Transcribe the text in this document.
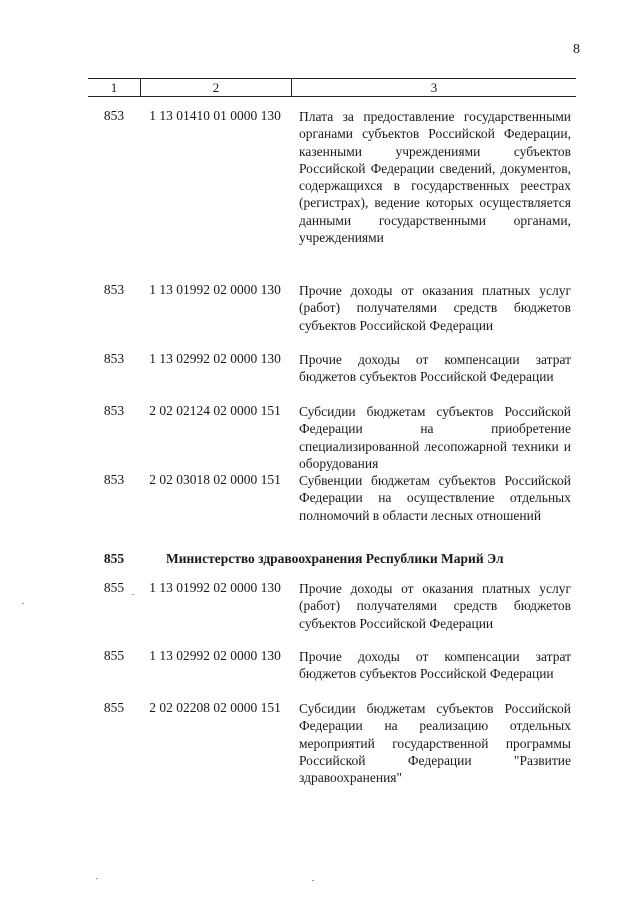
8
1	2	3
853	1 13 01410 01 0000 130	Плата за предоставление государственными органами субъектов Российской Федерации, казенными учреждениями субъектов Российской Федерации сведений, документов, содержащихся в государственных реестрах (регистрах), ведение которых осуществляется данными государственными органами, учреждениями
853	1 13 01992 02 0000 130	Прочие доходы от оказания платных услуг (работ) получателями средств бюджетов субъектов Российской Федерации
853	1 13 02992 02 0000 130	Прочие доходы от компенсации затрат бюджетов субъектов Российской Федерации
853	2 02 02124 02 0000 151	Субсидии бюджетам субъектов Российской Федерации на приобретение специализированной лесопожарной техники и оборудования
853	2 02 03018 02 0000 151	Субвенции бюджетам субъектов Российской Федерации на осуществление отдельных полномочий в области лесных отношений
855	Министерство здравоохранения Республики Марий Эл
855	1 13 01992 02 0000 130	Прочие доходы от оказания платных услуг (работ) получателями средств бюджетов субъектов Российской Федерации
855	1 13 02992 02 0000 130	Прочие доходы от компенсации затрат бюджетов субъектов Российской Федерации
855	2 02 02208 02 0000 151	Субсидии бюджетам субъектов Российской Федерации на реализацию отдельных мероприятий государственной программы Российской Федерации "Развитие здравоохранения"
